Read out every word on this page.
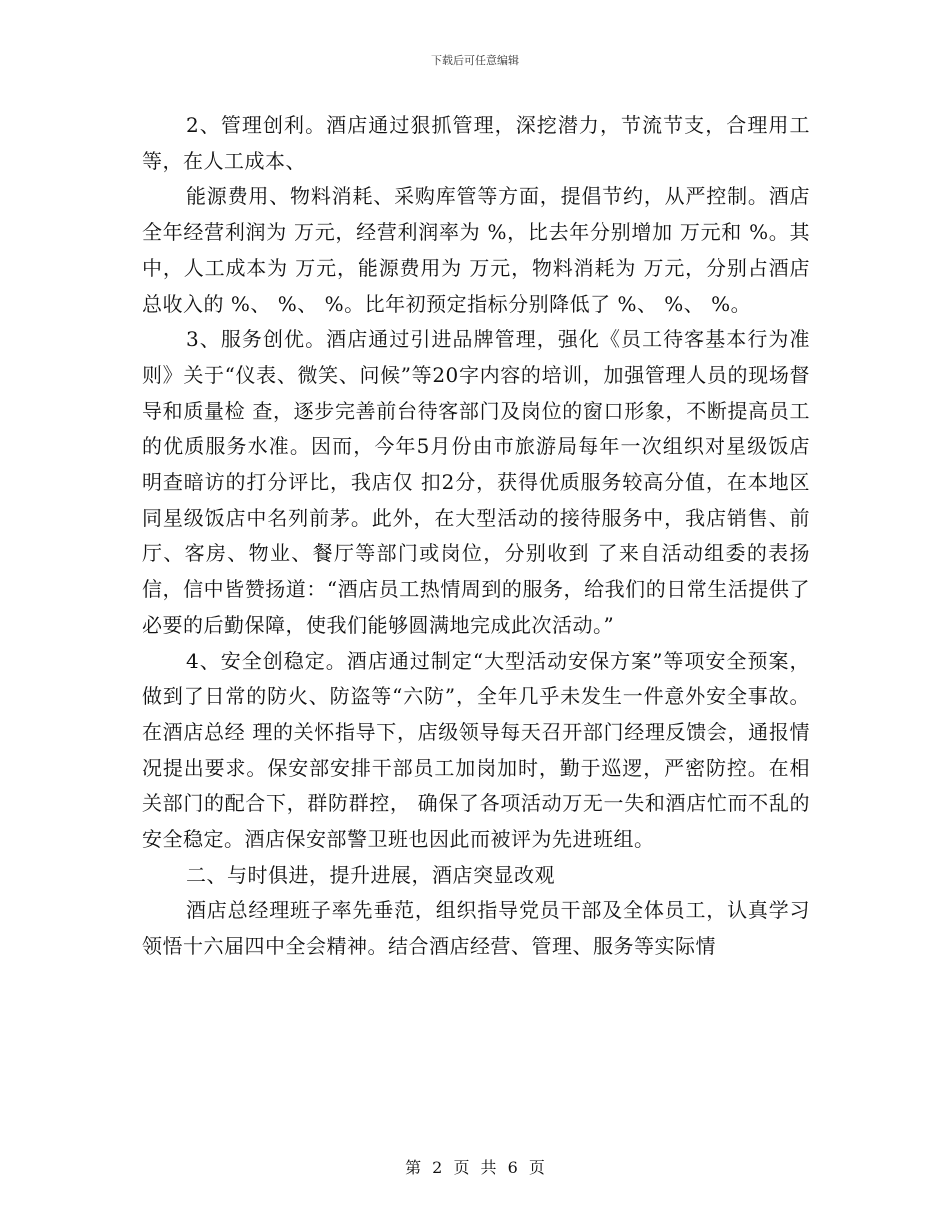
下载后可任意编辑

2、管理创利。酒店通过狠抓管理，深挖潜力，节流节支，合理用工等，在人工成本、

能源费用、物料消耗、采购库管等方面，提倡节约，从严控制。酒店全年经营利润为 万元，经营利润率为 %，比去年分别增加 万元和 %。其中，人工成本为 万元，能源费用为 万元，物料消耗为 万元，分别占酒店总收入的 %、 %、 %。比年初预定指标分别降低了 %、 %、 %。

3、服务创优。酒店通过引进品牌管理，强化《员工待客基本行为准则》关于“仪表、微笑、问候”等20字内容的培训，加强管理人员的现场督导和质量检 查，逐步完善前台待客部门及岗位的窗口形象，不断提高员工的优质服务水准。因而，今年5月份由市旅游局每年一次组织对星级饭店明查暗访的打分评比，我店仅 扣2分，获得优质服务较高分值，在本地区同星级饭店中名列前茅。此外，在大型活动的接待服务中，我店销售、前厅、客房、物业、餐厅等部门或岗位，分别收到 了来自活动组委的表扬信，信中皆赞扬道：“酒店员工热情周到的服务，给我们的日常生活提供了必要的后勤保障，使我们能够圆满地完成此次活动。”

4、安全创稳定。酒店通过制定“大型活动安保方案”等项安全预案，做到了日常的防火、防盗等“六防”，全年几乎未发生一件意外安全事故。在酒店总经 理的关怀指导下，店级领导每天召开部门经理反馈会，通报情况提出要求。保安部安排干部员工加岗加时，勤于巡逻，严密防控。在相关部门的配合下，群防群控， 确保了各项活动万无一失和酒店忙而不乱的安全稳定。酒店保安部警卫班也因此而被评为先进班组。

二、与时俱进，提升进展，酒店突显改观

酒店总经理班子率先垂范，组织指导党员干部及全体员工，认真学习领悟十六届四中全会精神。结合酒店经营、管理、服务等实际情

第 2 页 共 6 页
